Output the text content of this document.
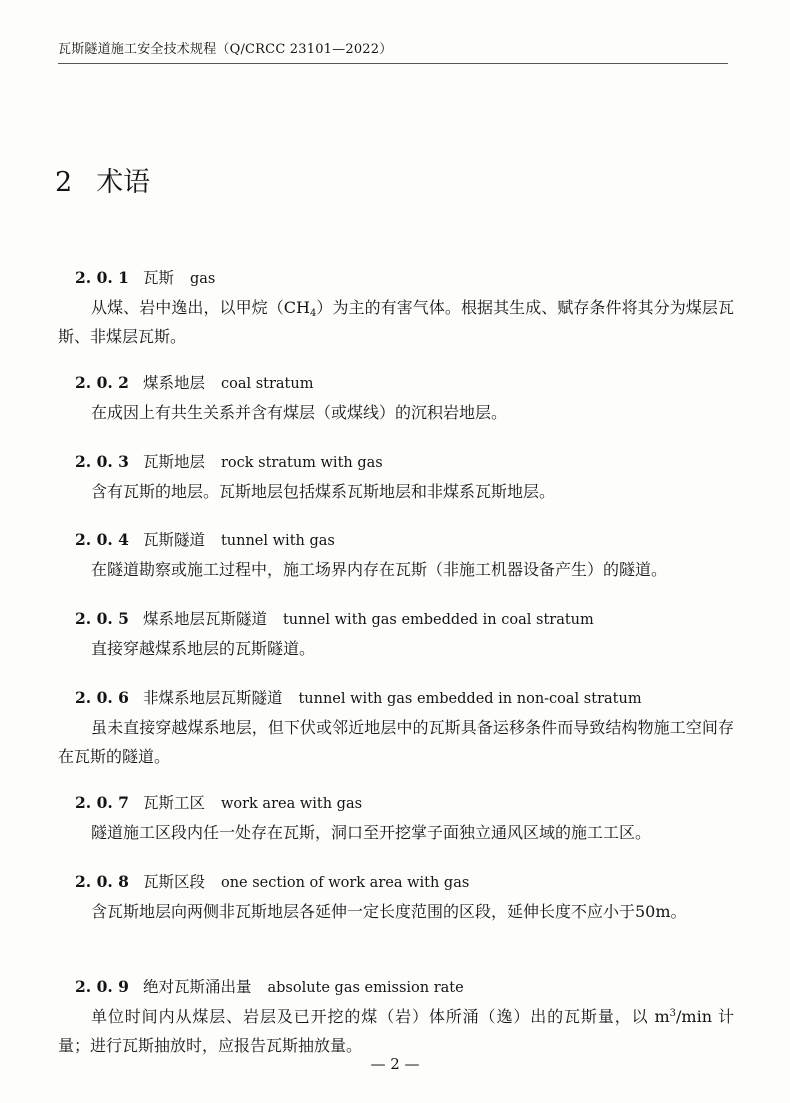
瓦斯隧道施工安全技术规程（Q/CRCC 23101—2022）
2 术语
2. 0. 1 瓦斯 gas
从煤、岩中逸出，以甲烷$(CH_4)$为主的有害气体。根据其生成、赋存条件将其分为煤层瓦斯、非煤层瓦斯。
2. 0. 2 煤系地层 coal stratum
在成因上有共生关系并含有煤层（或煤线）的沉积岩地层。
2. 0. 3 瓦斯地层 rock stratum with gas
含有瓦斯的地层。瓦斯地层包括煤系瓦斯地层和非煤系瓦斯地层。
2. 0. 4 瓦斯隧道 tunnel with gas
在隧道勘察或施工过程中，施工场界内存在瓦斯（非施工机器设备产生）的隧道。
2. 0. 5 煤系地层瓦斯隧道 tunnel with gas embedded in coal stratum
直接穿越煤系地层的瓦斯隧道。
2. 0. 6 非煤系地层瓦斯隧道 tunnel with gas embedded in non-coal stratum
虽未直接穿越煤系地层，但下伏或邻近地层中的瓦斯具备运移条件而导致结构物施工空间存在瓦斯的隧道。
2. 0. 7 瓦斯工区 work area with gas
隧道施工区段内任一处存在瓦斯，洞口至开挖掌子面独立通风区域的施工工区。
2. 0. 8 瓦斯区段 one section of work area with gas
含瓦斯地层向两侧非瓦斯地层各延伸一定长度范围的区段，延伸长度不应小于50m。
2. 0. 9 绝对瓦斯涌出量 absolute gas emission rate
单位时间内从煤层、岩层及已开挖的煤（岩）体所涌（逸）出的瓦斯量，以 $m^3/\min$ 计量；进行瓦斯抽放时，应报告瓦斯抽放量。
— 2 —
